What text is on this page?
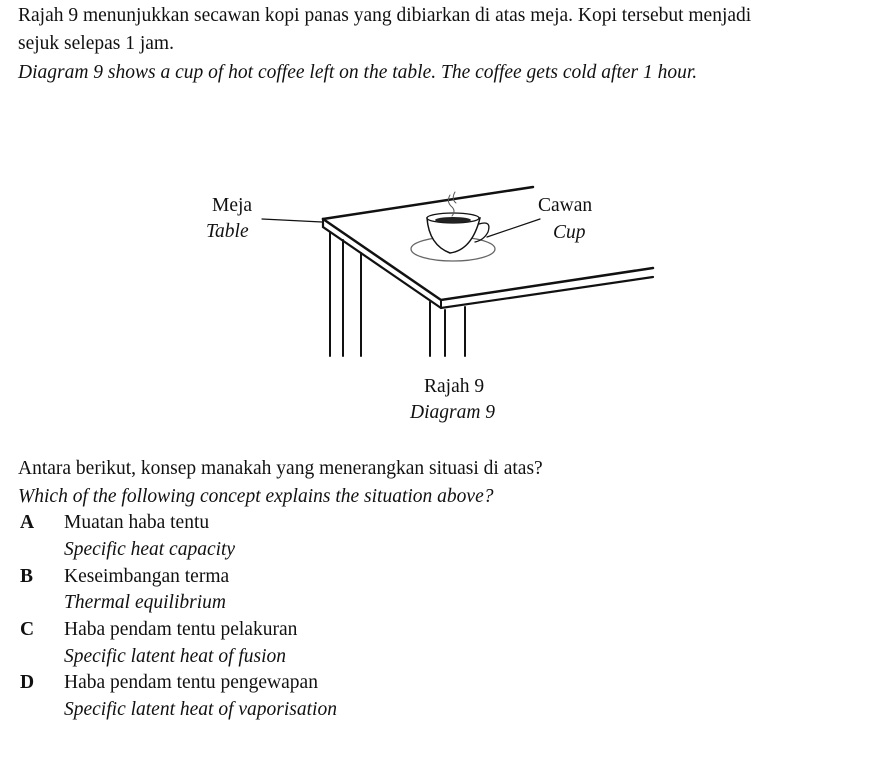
Rajah 9 menunjukkan secawan kopi panas yang dibiarkan di atas meja. Kopi tersebut menjadi
sejuk selepas 1 jam.
Diagram 9 shows a cup of hot coffee left on the table. The coffee gets cold after 1 hour.
Meja
Table
Cawan
Cup
Rajah 9
Diagram 9
Antara berikut, konsep manakah yang menerangkan situasi di atas?
Which of the following concept explains the situation above?
A Muatan haba tentu
Specific heat capacity
B Keseimbangan terma
Thermal equilibrium
C Haba pendam tentu pelakuran
Specific latent heat of fusion
D Haba pendam tentu pengewapan
Specific latent heat of vaporisation
